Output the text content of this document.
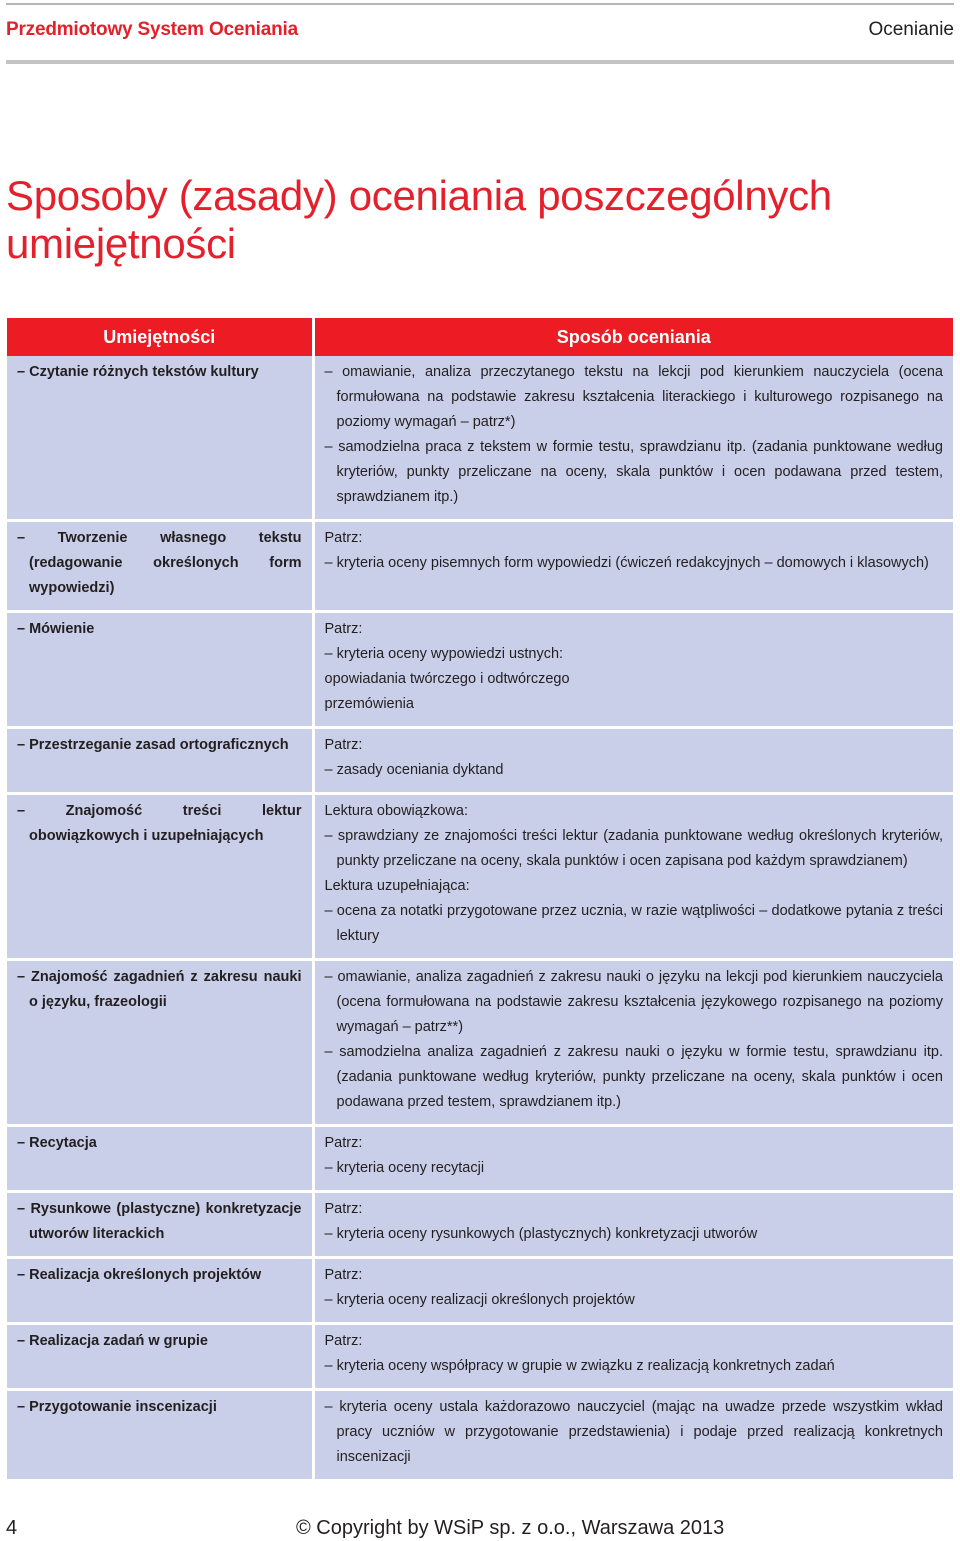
Przedmiotowy System Oceniania	Ocenianie
Sposoby (zasady) oceniania poszczególnych umiejętności
Umiejętności	Sposób oceniania

– Czytanie różnych tekstów kultury	– omawianie, analiza przeczytanego tekstu na lekcji pod kierunkiem nauczyciela (ocena formułowana na podstawie zakresu kształcenia literackiego i kulturowego rozpisanego na poziomy wymagań – patrz*)
– samodzielna praca z tekstem w formie testu, sprawdzianu itp. (zadania punktowane według kryteriów, punkty przeliczane na oceny, skala punktów i ocen podawana przed testem, sprawdzianem itp.)

– Tworzenie własnego tekstu (redagowanie określonych form wypowiedzi)	Patrz:
– kryteria oceny pisemnych form wypowiedzi (ćwiczeń redakcyjnych – domowych i klasowych)

– Mówienie	Patrz:
– kryteria oceny wypowiedzi ustnych:
opowiadania twórczego i odtwórczego
przemówienia

– Przestrzeganie zasad ortograficznych	Patrz:
– zasady oceniania dyktand

– Znajomość treści lektur obowiązkowych i uzupełniających	Lektura obowiązkowa:
– sprawdziany ze znajomości treści lektur (zadania punktowane według określonych kryteriów, punkty przeliczane na oceny, skala punktów i ocen zapisana pod każdym sprawdzianem)
Lektura uzupełniająca:
– ocena za notatki przygotowane przez ucznia, w razie wątpliwości – dodatkowe pytania z treści lektury

– Znajomość zagadnień z zakresu nauki o języku, frazeologii	– omawianie, analiza zagadnień z zakresu nauki o języku na lekcji pod kierunkiem nauczyciela (ocena formułowana na podstawie zakresu kształcenia językowego rozpisanego na poziomy wymagań – patrz**)
– samodzielna analiza zagadnień z zakresu nauki o języku w formie testu, sprawdzianu itp. (zadania punktowane według kryteriów, punkty przeliczane na oceny, skala punktów i ocen podawana przed testem, sprawdzianem itp.)

– Recytacja	Patrz:
– kryteria oceny recytacji

– Rysunkowe (plastyczne) konkretyzacje utworów literackich	Patrz:
– kryteria oceny rysunkowych (plastycznych) konkretyzacji utworów

– Realizacja określonych projektów	Patrz:
– kryteria oceny realizacji określonych projektów

– Realizacja zadań w grupie	Patrz:
– kryteria oceny współpracy w grupie w związku z realizacją konkretnych zadań

– Przygotowanie inscenizacji	– kryteria oceny ustala każdorazowo nauczyciel (mając na uwadze przede wszystkim wkład pracy uczniów w przygotowanie przedstawienia) i podaje przed realizacją konkretnych inscenizacji
4	© Copyright by WSiP sp. z o.o., Warszawa 2013
